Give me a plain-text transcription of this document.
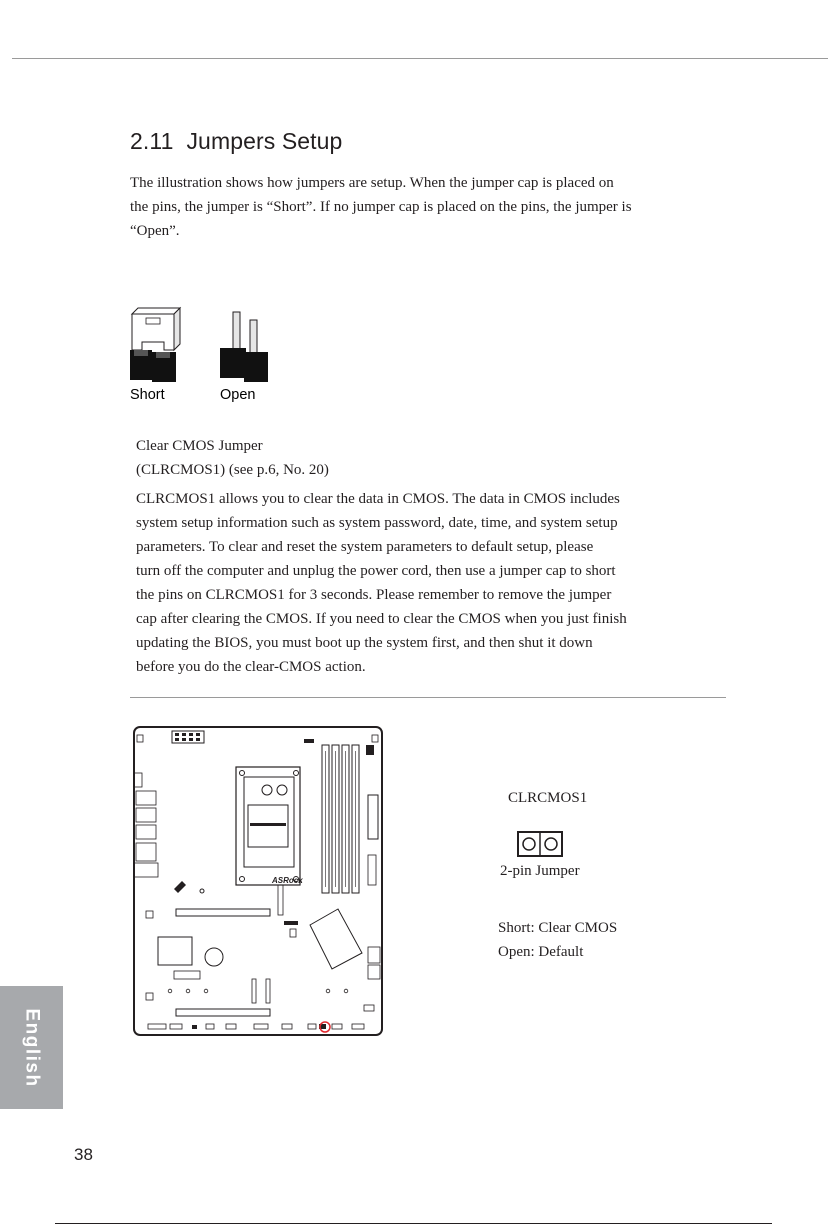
2.11 Jumpers Setup

The illustration shows how jumpers are setup. When the jumper cap is placed on

the pins, the jumper is “Short”. If no jumper cap is placed on the pins, the jumper is

“Open”.

Short	Open
Clear CMOS Jumper
(CLRCMOS1) (see p.6, No. 20)
CLRCMOS1 allows you to clear the data in CMOS. The data in CMOS includes
system setup information such as system password, date, time, and system setup
parameters. To clear and reset the system parameters to default setup, please
turn off the computer and unplug the power cord, then use a jumper cap to short
the pins on CLRCMOS1 for 3 seconds. Please remember to remove the jumper
cap after clearing the CMOS. If you need to clear the CMOS when you just finish
updating the BIOS, you must boot up the system first, and then shut it down
before you do the clear-CMOS action.
ASRock
CLRCMOS1
2-pin Jumper
Short: Clear CMOS
Open: Default
English
38
